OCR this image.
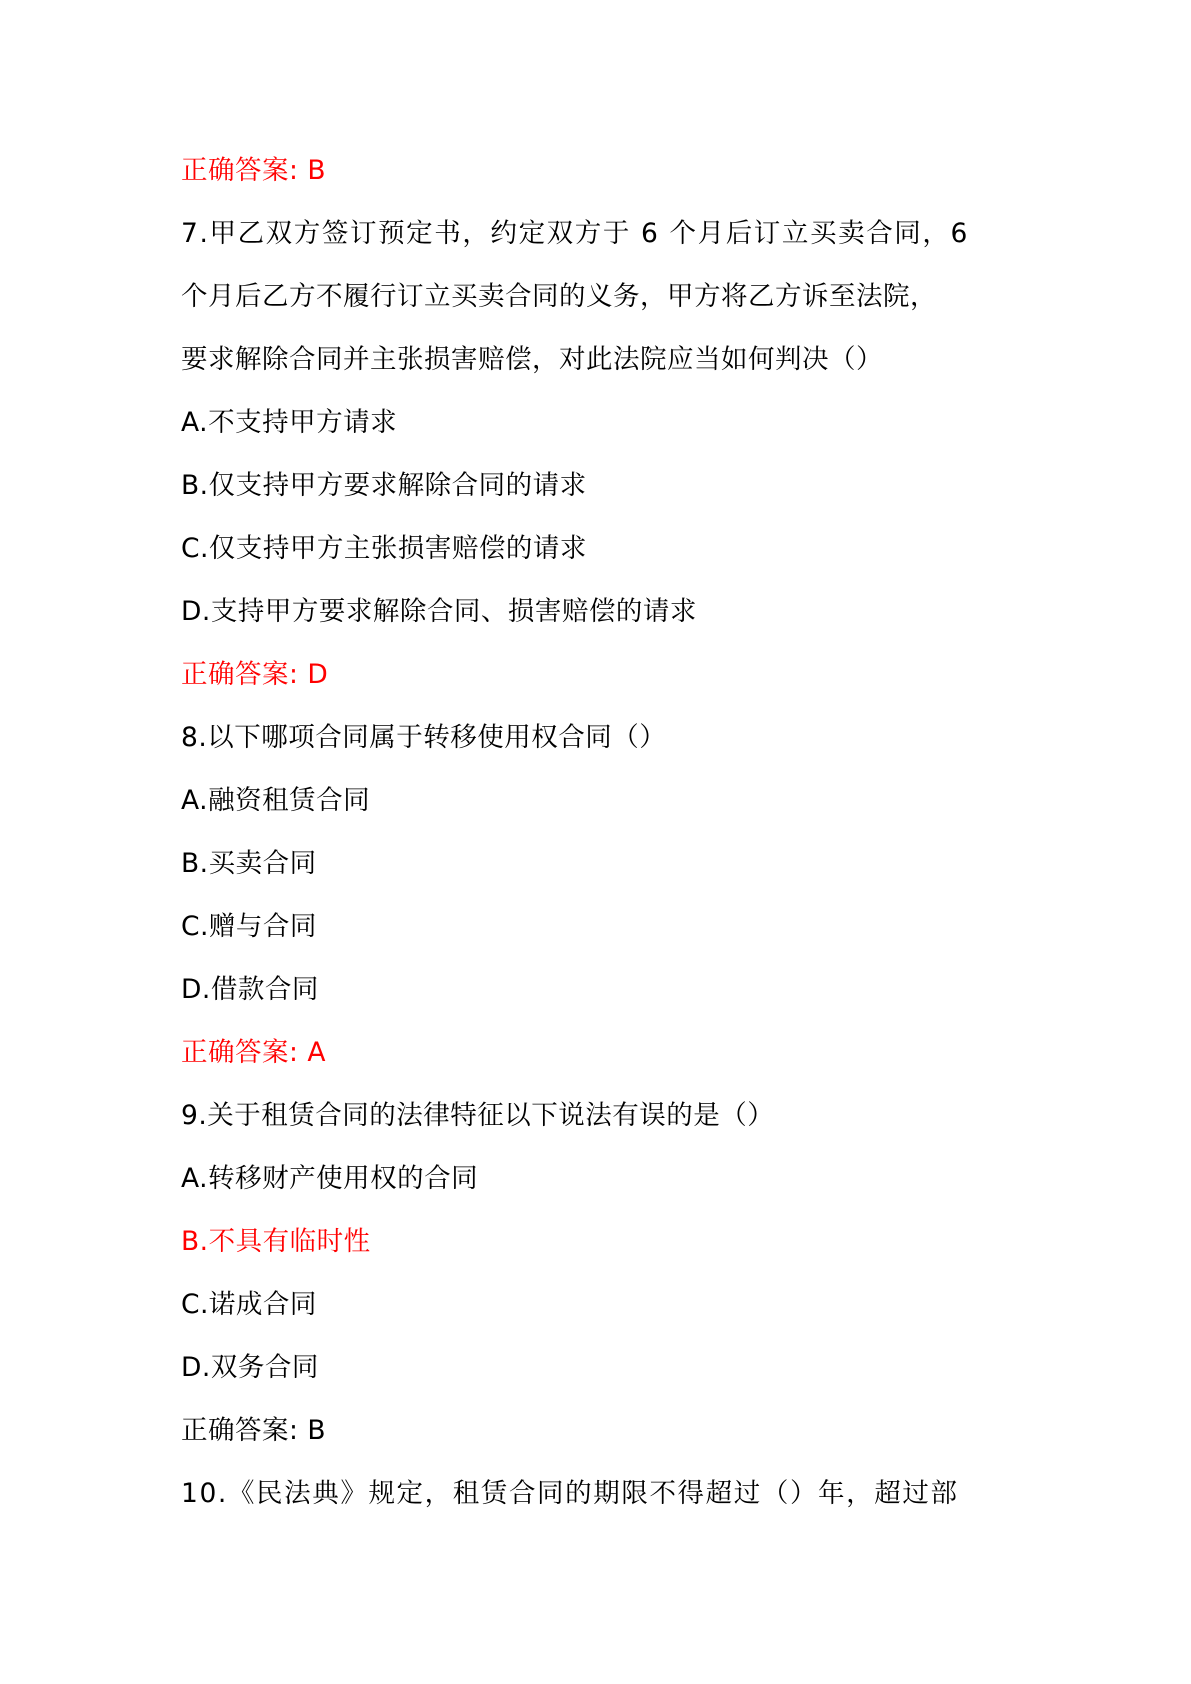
正确答案: B
7.甲乙双方签订预定书，约定双方于 6 个月后订立买卖合同，6
个月后乙方不履行订立买卖合同的义务，甲方将乙方诉至法院，
要求解除合同并主张损害赔偿，对此法院应当如何判决（）
A.不支持甲方请求
B.仅支持甲方要求解除合同的请求
C.仅支持甲方主张损害赔偿的请求
D.支持甲方要求解除合同、损害赔偿的请求
正确答案: D
8.以下哪项合同属于转移使用权合同（）
A.融资租赁合同
B.买卖合同
C.赠与合同
D.借款合同
正确答案: A
9.关于租赁合同的法律特征以下说法有误的是（）
A.转移财产使用权的合同
B.不具有临时性
C.诺成合同
D.双务合同
正确答案: B
10.《民法典》规定，租赁合同的期限不得超过（）年，超过部
